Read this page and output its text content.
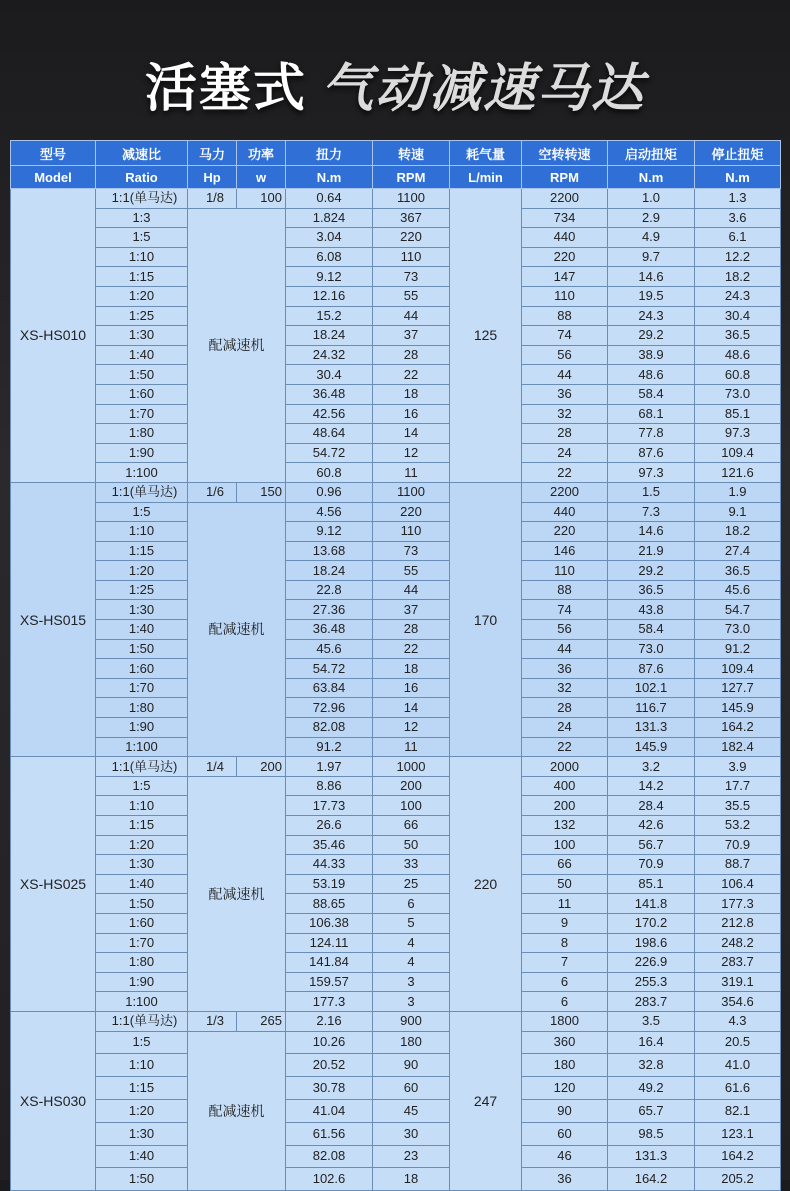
活塞式 气动减速马达
型号	减速比	马力	功率	扭力	转速	耗气量	空转转速	启动扭矩	停止扭矩
Model	Ratio	Hp	w	N.m	RPM	L/min	RPM	N.m	N.m
XS-HS010	1:1(单马达)	1/8	100	0.64	1100	125	2200	1.0	1.3
	1:3	配减速机		1.824	367		734	2.9	3.6
	1:5			3.04	220		440	4.9	6.1
	1:10			6.08	110		220	9.7	12.2
	1:15			9.12	73		147	14.6	18.2
	1:20			12.16	55		110	19.5	24.3
	1:25			15.2	44		88	24.3	30.4
	1:30			18.24	37		74	29.2	36.5
	1:40			24.32	28		56	38.9	48.6
	1:50			30.4	22		44	48.6	60.8
	1:60			36.48	18		36	58.4	73.0
	1:70			42.56	16		32	68.1	85.1
	1:80			48.64	14		28	77.8	97.3
	1:90			54.72	12		24	87.6	109.4
	1:100			60.8	11		22	97.3	121.6
XS-HS015	1:1(单马达)	1/6	150	0.96	1100	170	2200	1.5	1.9
	1:5	配减速机		4.56	220		440	7.3	9.1
	1:10			9.12	110		220	14.6	18.2
	1:15			13.68	73		146	21.9	27.4
	1:20			18.24	55		110	29.2	36.5
	1:25			22.8	44		88	36.5	45.6
	1:30			27.36	37		74	43.8	54.7
	1:40			36.48	28		56	58.4	73.0
	1:50			45.6	22		44	73.0	91.2
	1:60			54.72	18		36	87.6	109.4
	1:70			63.84	16		32	102.1	127.7
	1:80			72.96	14		28	116.7	145.9
	1:90			82.08	12		24	131.3	164.2
	1:100			91.2	11		22	145.9	182.4
XS-HS025	1:1(单马达)	1/4	200	1.97	1000	220	2000	3.2	3.9
	1:5	配减速机		8.86	200		400	14.2	17.7
	1:10			17.73	100		200	28.4	35.5
	1:15			26.6	66		132	42.6	53.2
	1:20			35.46	50		100	56.7	70.9
	1:30			44.33	33		66	70.9	88.7
	1:40			53.19	25		50	85.1	106.4
	1:50			88.65	6		11	141.8	177.3
	1:60			106.38	5		9	170.2	212.8
	1:70			124.11	4		8	198.6	248.2
	1:80			141.84	4		7	226.9	283.7
	1:90			159.57	3		6	255.3	319.1
	1:100			177.3	3		6	283.7	354.6
XS-HS030	1:1(单马达)	1/3	265	2.16	900	247	1800	3.5	4.3
	1:5	配减速机		10.26	180		360	16.4	20.5
	1:10			20.52	90		180	32.8	41.0
	1:15			30.78	60		120	49.2	61.6
	1:20			41.04	45		90	65.7	82.1
	1:30			61.56	30		60	98.5	123.1
	1:40			82.08	23		46	131.3	164.2
	1:50			102.6	18		36	164.2	205.2
